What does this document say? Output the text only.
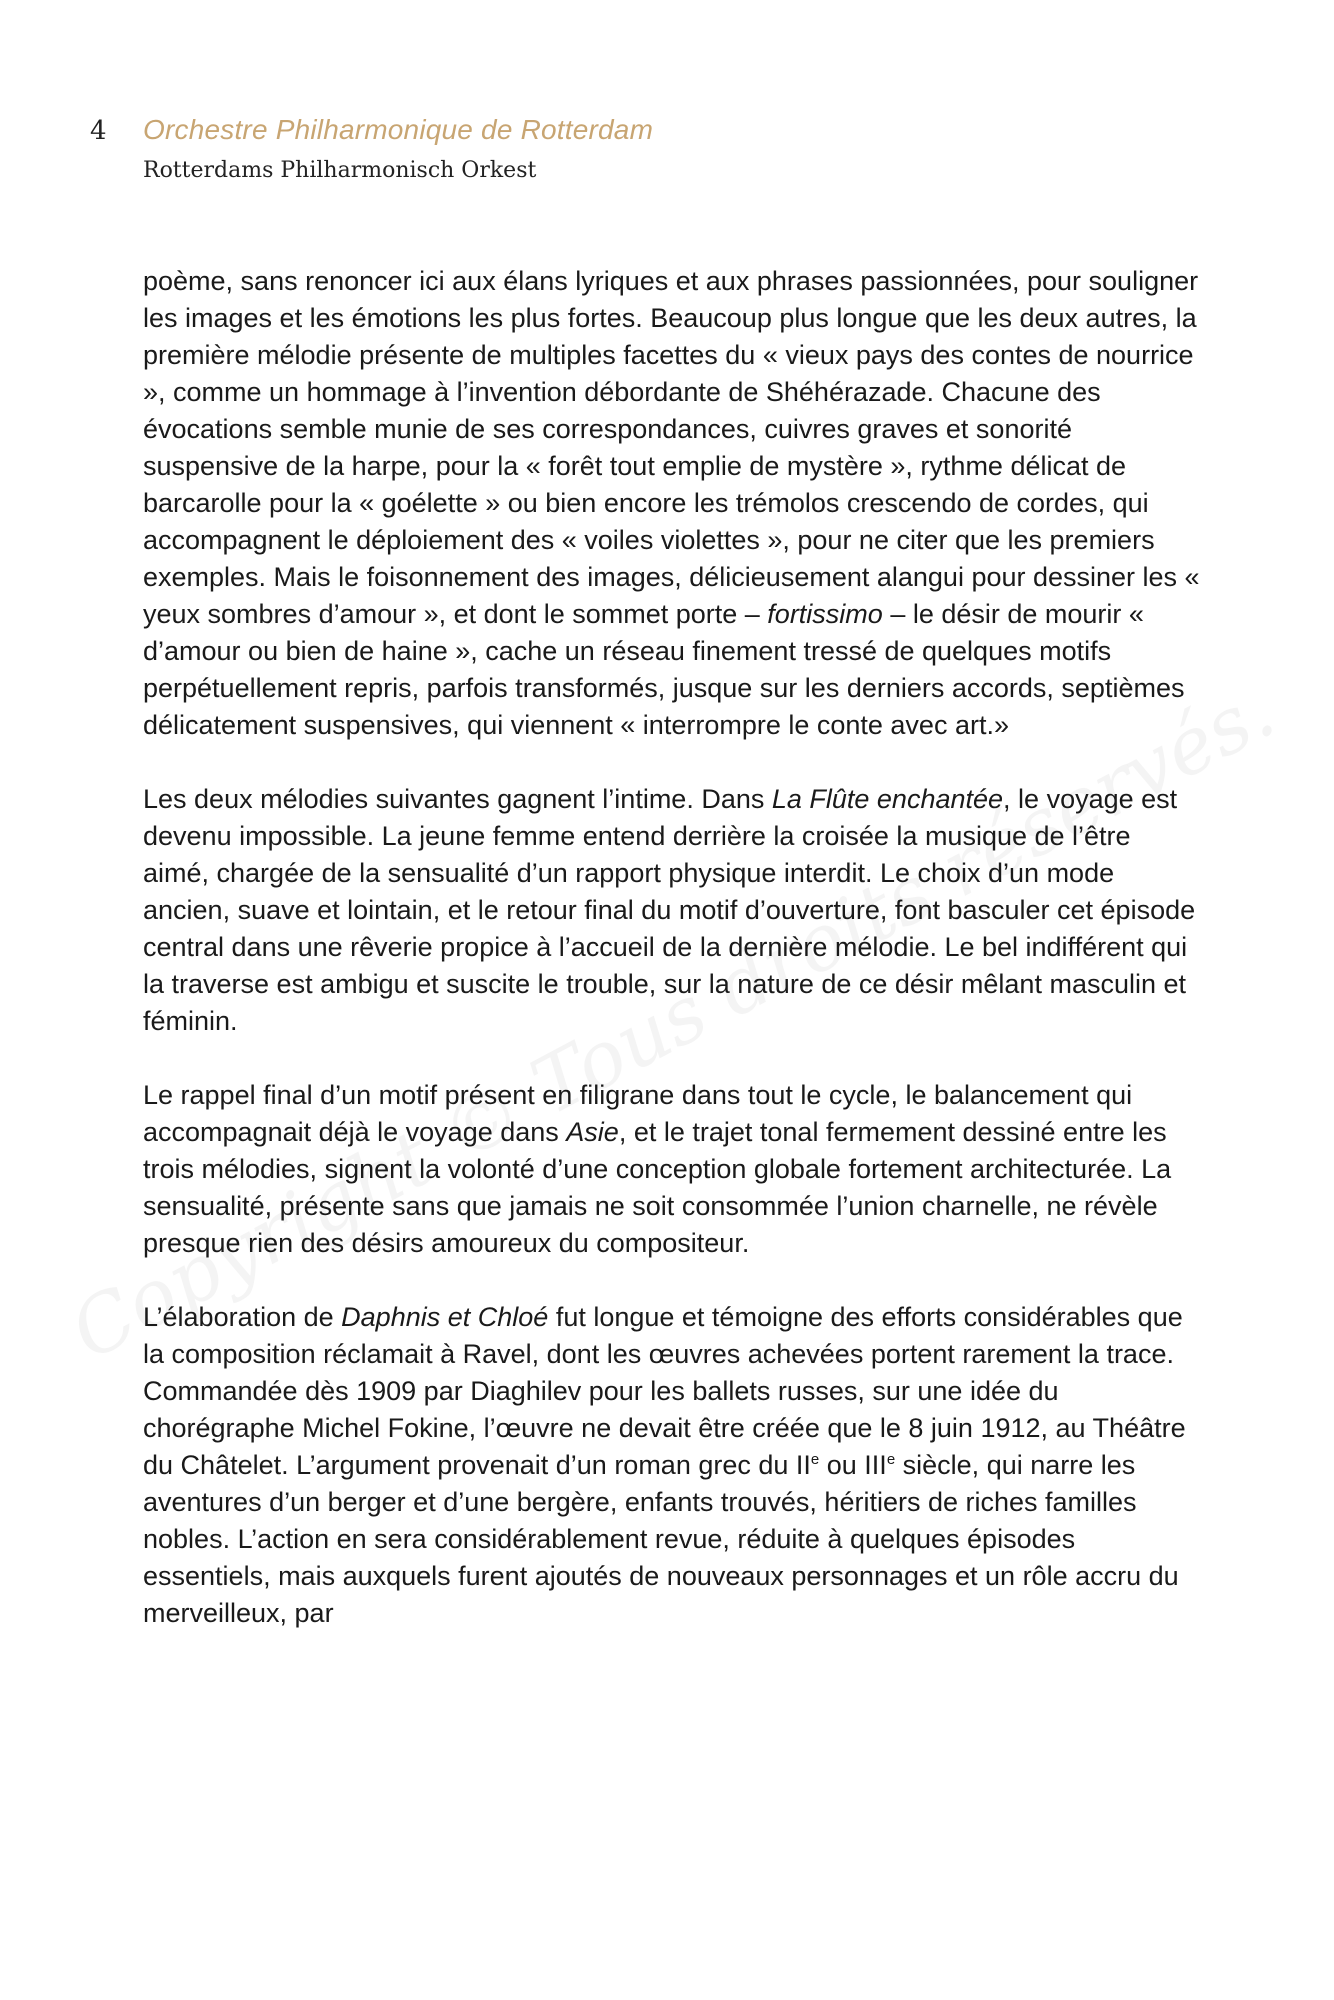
4 Orchestre Philharmonique de Rotterdam
Rotterdams Philharmonisch Orkest

poème, sans renoncer ici aux élans lyriques et aux phrases passionnées, pour souligner les images et les émotions les plus fortes. Beaucoup plus longue que les deux autres, la première mélodie présente de multiples facettes du « vieux pays des contes de nourrice », comme un hommage à l’invention débordante de Shéhérazade. Chacune des évocations semble munie de ses correspondances, cuivres graves et sonorité suspensive de la harpe, pour la « forêt tout emplie de mystère », rythme délicat de barcarolle pour la « goélette » ou bien encore les trémolos crescendo de cordes, qui accompagnent le déploiement des « voiles violettes », pour ne citer que les premiers exemples. Mais le foisonnement des images, délicieusement alangui pour dessiner les « yeux sombres d’amour », et dont le sommet porte – fortissimo – le désir de mourir « d’amour ou bien de haine », cache un réseau finement tressé de quelques motifs perpétuellement repris, parfois transformés, jusque sur les derniers accords, septièmes délicatement suspensives, qui viennent « interrompre le conte avec art.»

Les deux mélodies suivantes gagnent l’intime. Dans La Flûte enchantée, le voyage est devenu impossible. La jeune femme entend derrière la croisée la musique de l’être aimé, chargée de la sensualité d’un rapport physique interdit. Le choix d’un mode ancien, suave et lointain, et le retour final du motif d’ouverture, font basculer cet épisode central dans une rêverie propice à l’accueil de la dernière mélodie. Le bel indifférent qui la traverse est ambigu et suscite le trouble, sur la nature de ce désir mêlant masculin et féminin.

Le rappel final d’un motif présent en filigrane dans tout le cycle, le balancement qui accompagnait déjà le voyage dans Asie, et le trajet tonal fermement dessiné entre les trois mélodies, signent la volonté d’une conception globale fortement architecturée. La sensualité, présente sans que jamais ne soit consommée l’union charnelle, ne révèle presque rien des désirs amoureux du compositeur.

L’élaboration de Daphnis et Chloé fut longue et témoigne des efforts considérables que la composition réclamait à Ravel, dont les œuvres achevées portent rarement la trace. Commandée dès 1909 par Diaghilev pour les ballets russes, sur une idée du chorégraphe Michel Fokine, l’œuvre ne devait être créée que le 8 juin 1912, au Théâtre du Châtelet. L’argument provenait d’un roman grec du IIe ou IIIe siècle, qui narre les aventures d’un berger et d’une bergère, enfants trouvés, héritiers de riches familles nobles. L’action en sera considérablement revue, réduite à quelques épisodes essentiels, mais auxquels furent ajoutés de nouveaux personnages et un rôle accru du merveilleux, par
